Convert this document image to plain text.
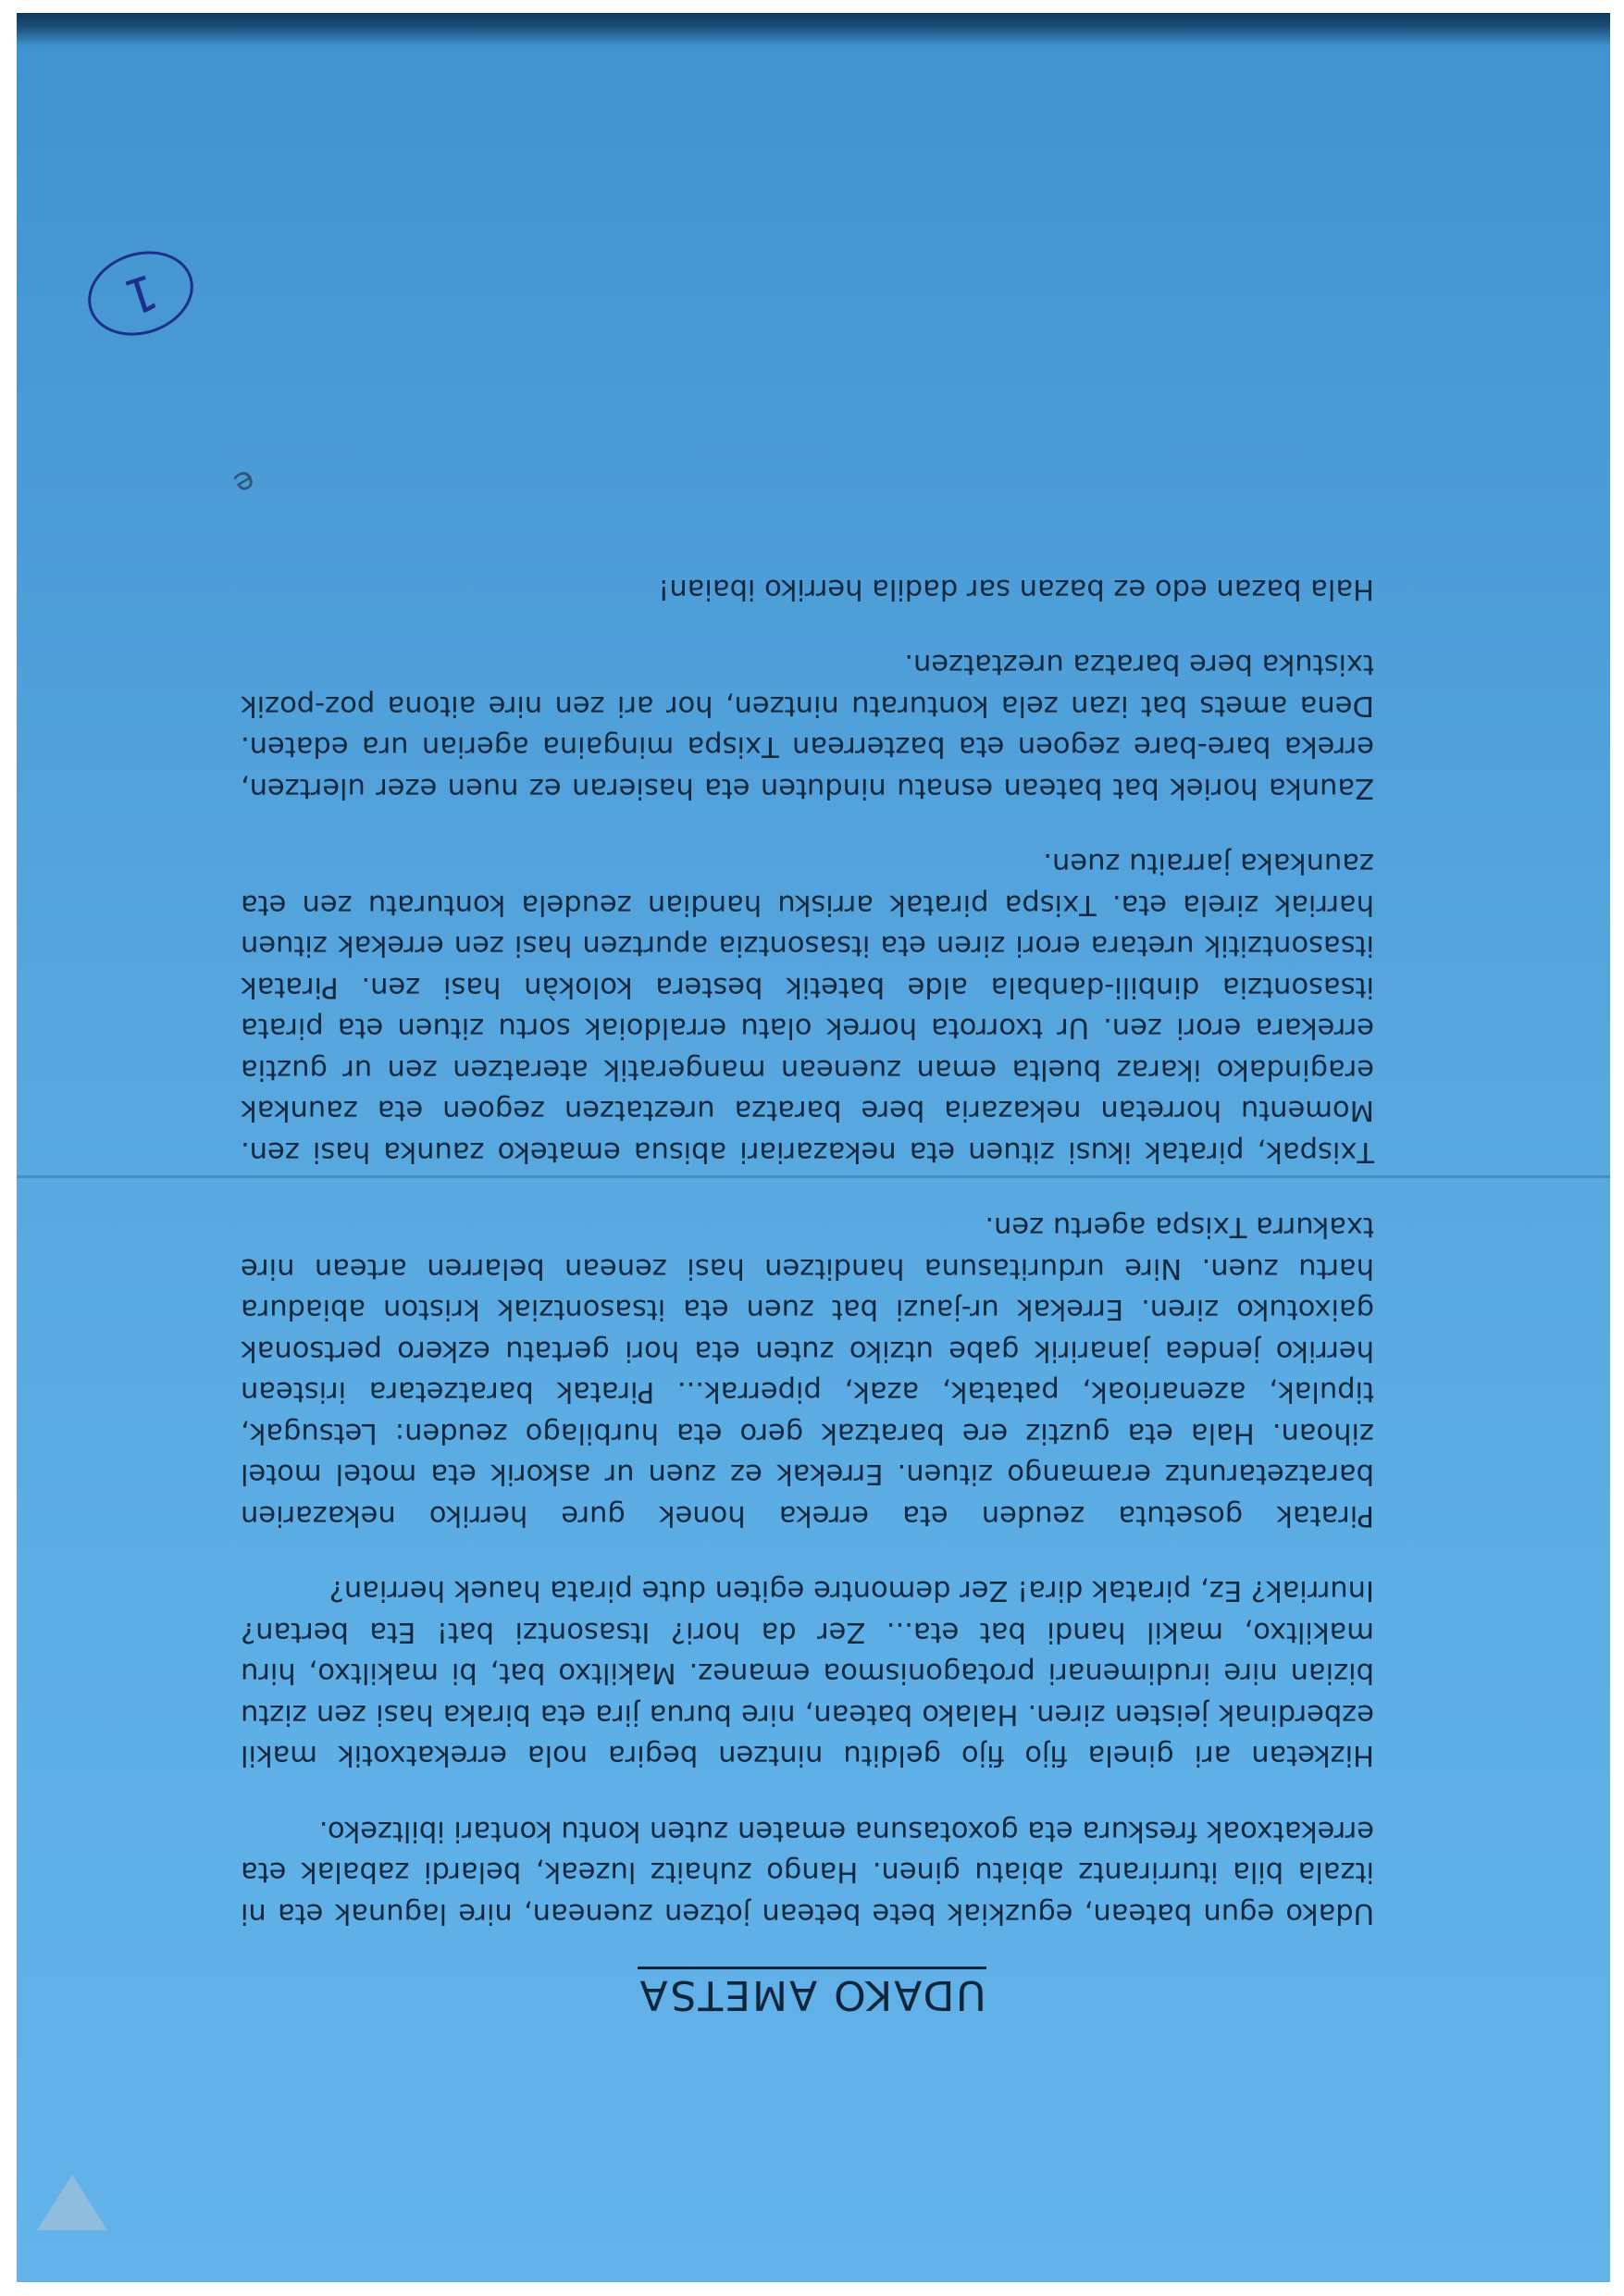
UDAKO AMETSA

Udako egun batean, eguzkiak bete betean jotzen zuenean, nire lagunak eta ni itzala bila iturrirantz abiatu ginen. Hango zuhaitz luzeak, belardi zabalak eta errekatxoak freskura eta goxotasuna ematen zuten kontu kontari ibiltzeko.

Hizketan ari ginela fijo fijo gelditu nintzen begira nola errekatxotik makil ezberdinak jeisten ziren. Halako batean, nire burua jira eta biraka hasi zen ziztu bizian nire irudimenari protagonismoa emanez. Makiltxo bat, bi makiltxo, hiru makiltxo, makil handi bat eta... Zer da hori? Itsasontzi bat! Eta bertan? Inurriak? Ez, piratak dira! Zer demontre egiten dute pirata hauek herrian?

Piratak gosetuta zeuden eta erreka honek gure herriko nekazarien baratzetaruntz eramango zituen. Errekak ez zuen ur askorik eta motel motel zihoan. Hala eta guztiz ere baratzak gero eta hurbilago zeuden: Letsugak, tipulak, azenarioak, patatak, azak, piperrak... Piratak baratzetara iristean herriko jendea janaririk gabe utziko zuten eta hori gertatu ezkero pertsonak gaixotuko ziren. Errekak ur-jauzi bat zuen eta itsasontziak kriston abiadura hartu zuen. Nire urduritasuna handitzen hasi zenean belarren artean nire txakurra Txispa agertu zen.

Txispak, piratak ikusi zituen eta nekazariari abisua emateko zaunka hasi zen. Momentu horretan nekazaria bere baratza ureztatzen zegoen eta zaunkak eragindako ikaraz buelta eman zuenean mangeratik ateratzen zen ur guztia errekara erori zen. Ur txorrota horrek olatu erraldoiak sortu zituen eta pirata itsasontzia dinbili-danbala alde batetik bestera kolokàn hasi zen. Piratak itsasontzitik uretara erori ziren eta itsasontzia apurtzen hasi zen errekak zituen harriak zirela eta. Txispa piratak arrisku handian zeudela konturatu zen eta zaunkaka jarraitu zuen.

Zaunka horiek bat batean esnatu ninduten eta hasieran ez nuen ezer ulertzen, erreka bare-bare zegoen eta bazterrean Txispa mingaina agerian ura edaten. Dena amets bat izan zela konturatu nintzen, hor ari zen nire aitona poz-pozik txistuka bere baratza ureztatzen.

Hala bazan edo ez bazan sar dadila herriko ibaian!

1
e
